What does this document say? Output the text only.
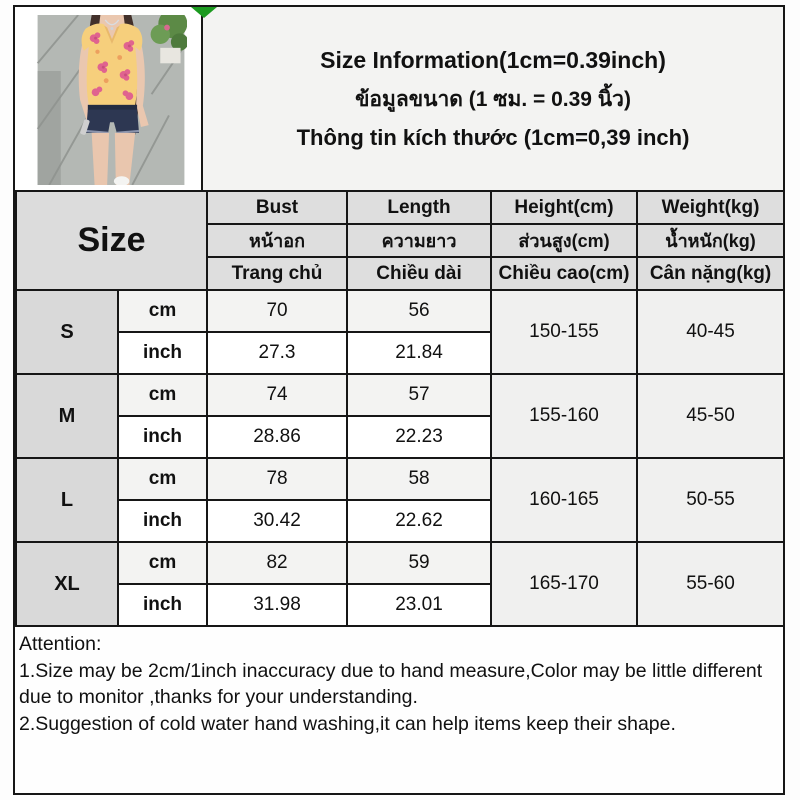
Size Information(1cm=0.39inch)
ข้อมูลขนาด (1 ซม. = 0.39 นิ้ว)
Thông tin kích thước (1cm=0,39 inch)
Size		Bust	Length	Height(cm)	Weight(kg)
		หน้าอก	ความยาว	ส่วนสูง(cm)	น้ำหนัก(kg)
		Trang chủ	Chiều dài	Chiều cao(cm)	Cân nặng(kg)
S	cm	70	56	150-155	40-45
	inch	27.3	21.84		
M	cm	74	57	155-160	45-50
	inch	28.86	22.23		
L	cm	78	58	160-165	50-55
	inch	30.42	22.62		
XL	cm	82	59	165-170	55-60
	inch	31.98	23.01		
Attention:
1.Size may be 2cm/1inch inaccuracy due to hand measure,Color may be little different due to monitor ,thanks for your understanding.
2.Suggestion of cold water hand washing,it can help items keep their shape.
